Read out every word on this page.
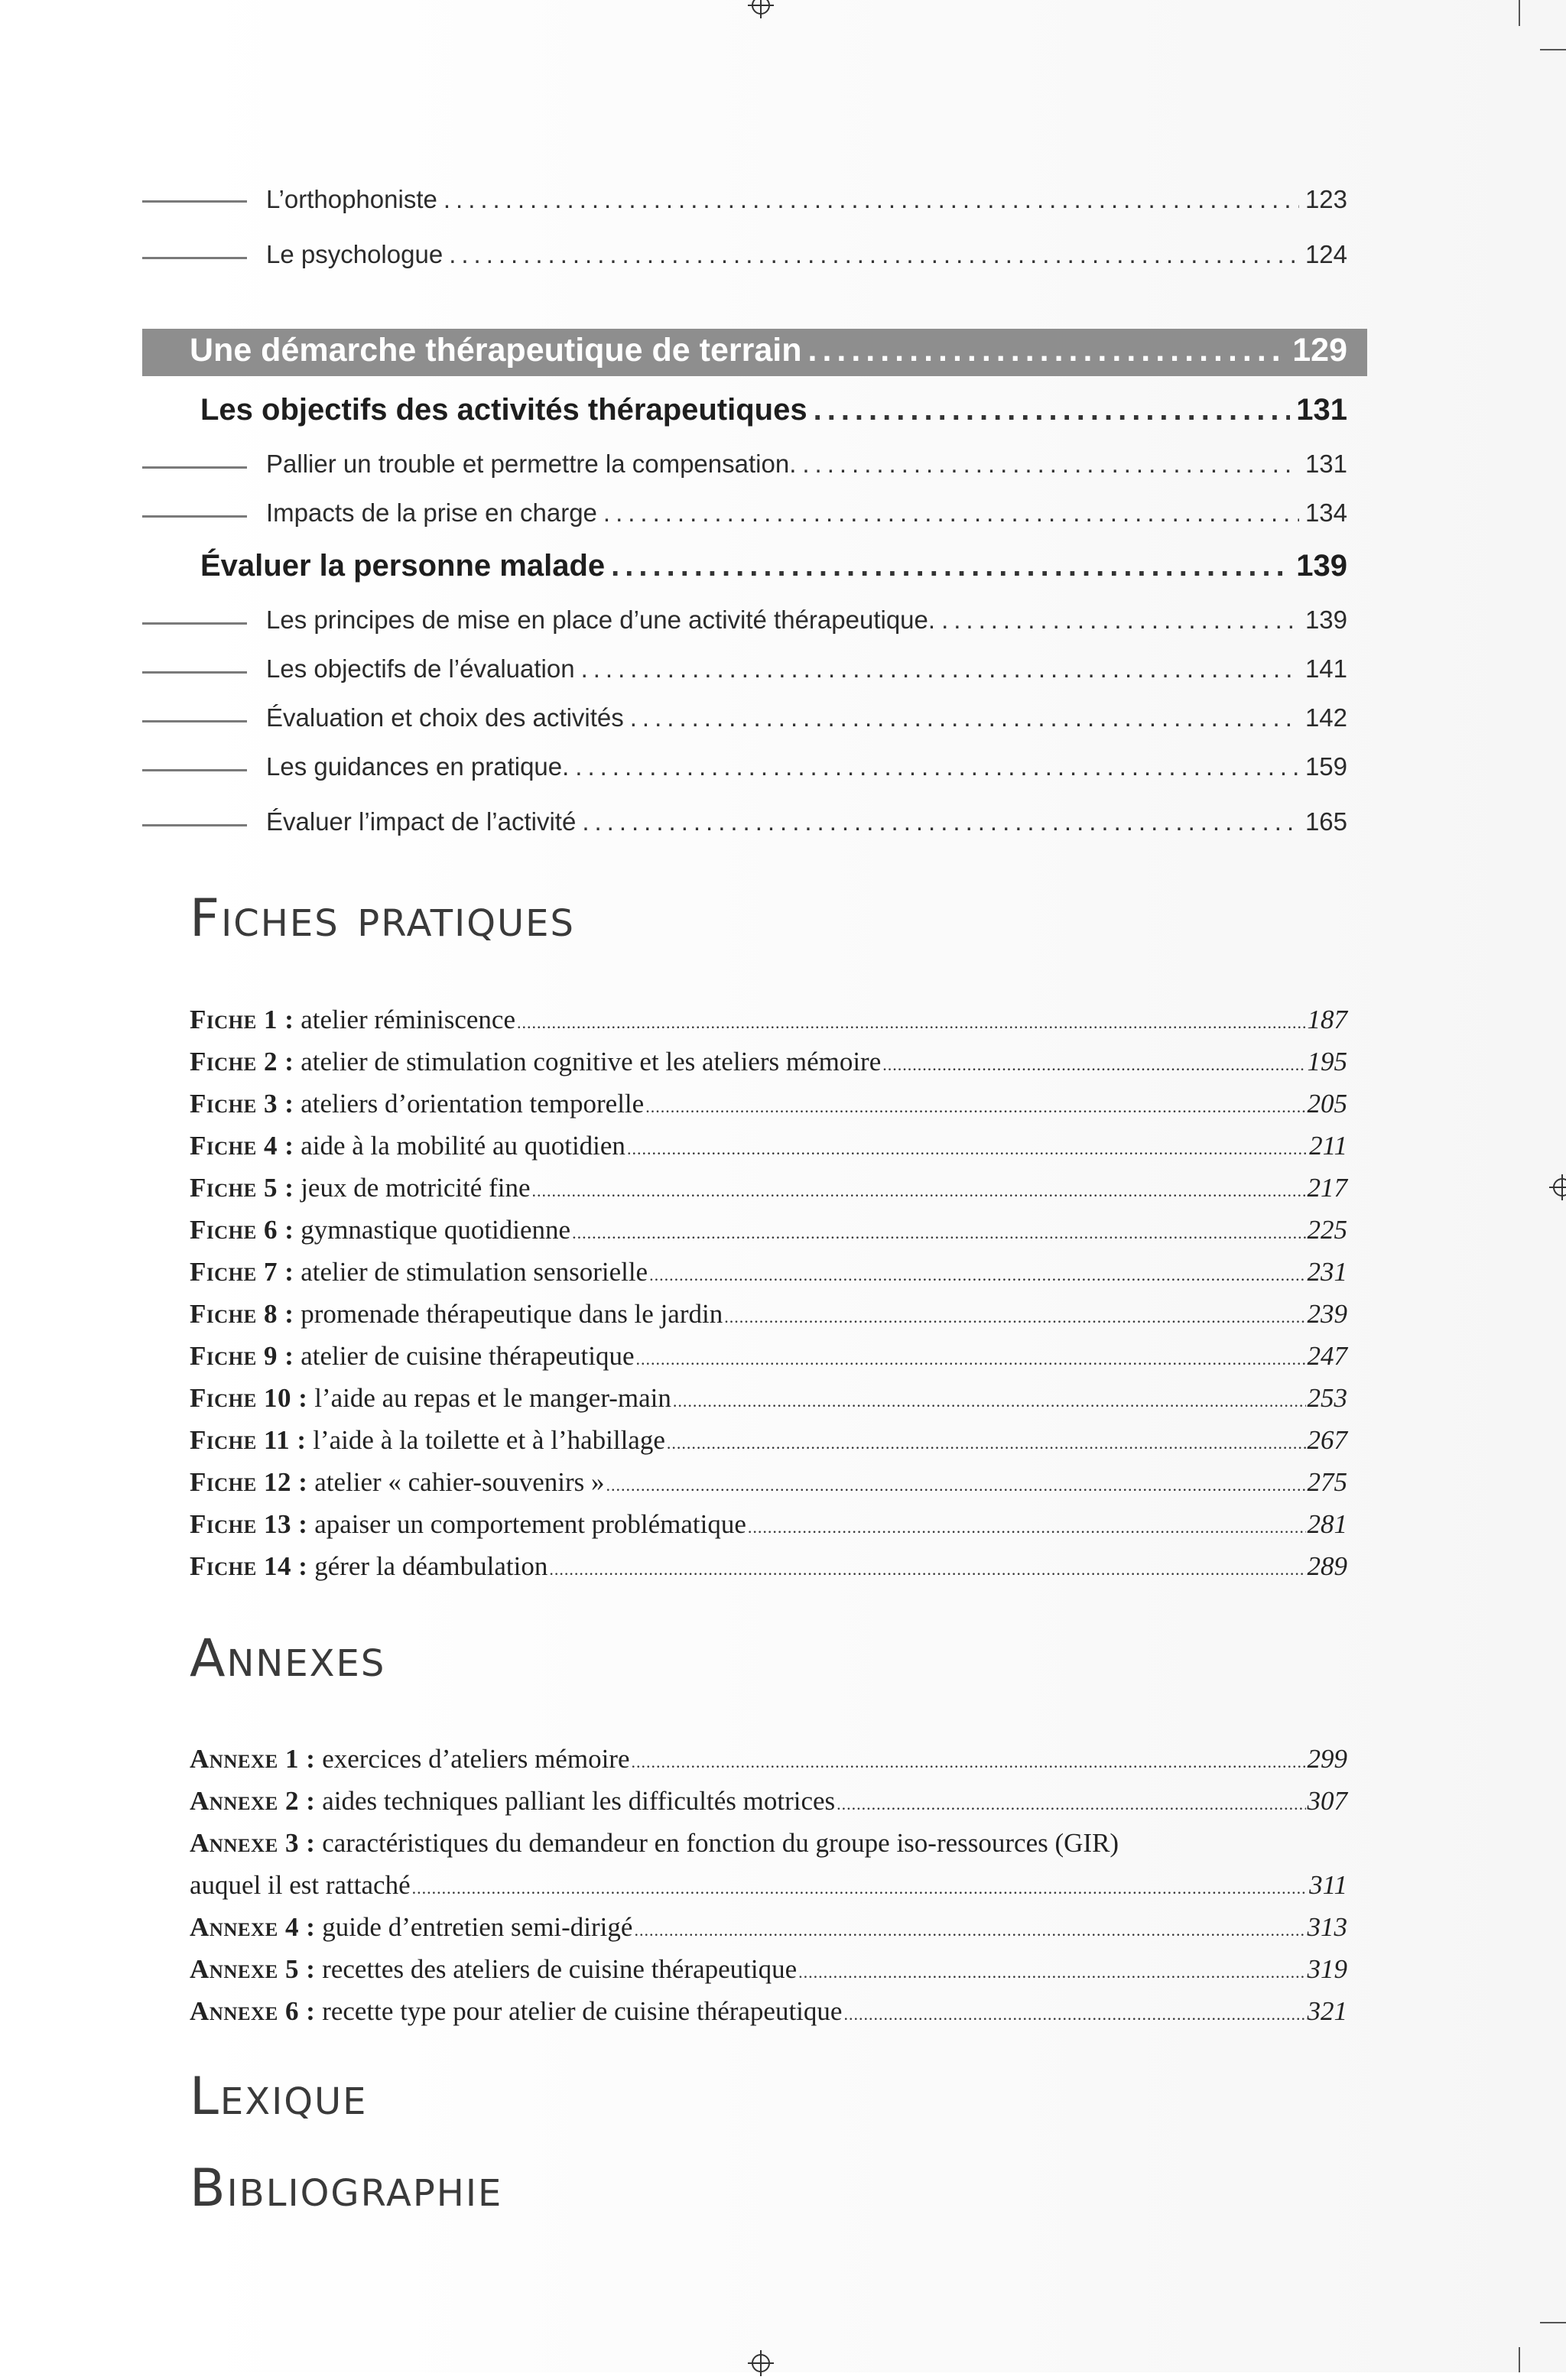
L’orthophoniste .....	123
Le psychologue .....	124
Une démarche thérapeutique de terrain .....	129
Les objectifs des activités thérapeutiques .....	131
Pallier un trouble et permettre la compensation. .....	131
Impacts de la prise en charge .....	134
Évaluer la personne malade .....	139
Les principes de mise en place d’une activité thérapeutique. .....	139
Les objectifs de l’évaluation .....	141
Évaluation et choix des activités .....	142
Les guidances en pratique. .....	159
Évaluer l’impact de l’activité .....	165
Fiches pratiques
Fiche 1 : atelier réminiscence .....	187
Fiche 2 : atelier de stimulation cognitive et les ateliers mémoire .....	195
Fiche 3 : ateliers d’orientation temporelle .....	205
Fiche 4 : aide à la mobilité au quotidien .....	211
Fiche 5 : jeux de motricité fine .....	217
Fiche 6 : gymnastique quotidienne .....	225
Fiche 7 : atelier de stimulation sensorielle .....	231
Fiche 8 : promenade thérapeutique dans le jardin .....	239
Fiche 9 : atelier de cuisine thérapeutique .....	247
Fiche 10 : l’aide au repas et le manger-main .....	253
Fiche 11 : l’aide à la toilette et à l’habillage .....	267
Fiche 12 : atelier « cahier-souvenirs » .....	275
Fiche 13 : apaiser un comportement problématique .....	281
Fiche 14 : gérer la déambulation .....	289
Annexes
Annexe 1 : exercices d’ateliers mémoire .....	299
Annexe 2 : aides techniques palliant les difficultés motrices .....	307
Annexe 3 : caractéristiques du demandeur en fonction du groupe iso-ressources (GIR)
auquel il est rattaché .....	311
Annexe 4 : guide d’entretien semi-dirigé .....	313
Annexe 5 : recettes des ateliers de cuisine thérapeutique .....	319
Annexe 6 : recette type pour atelier de cuisine thérapeutique .....	321
Lexique
Bibliographie
